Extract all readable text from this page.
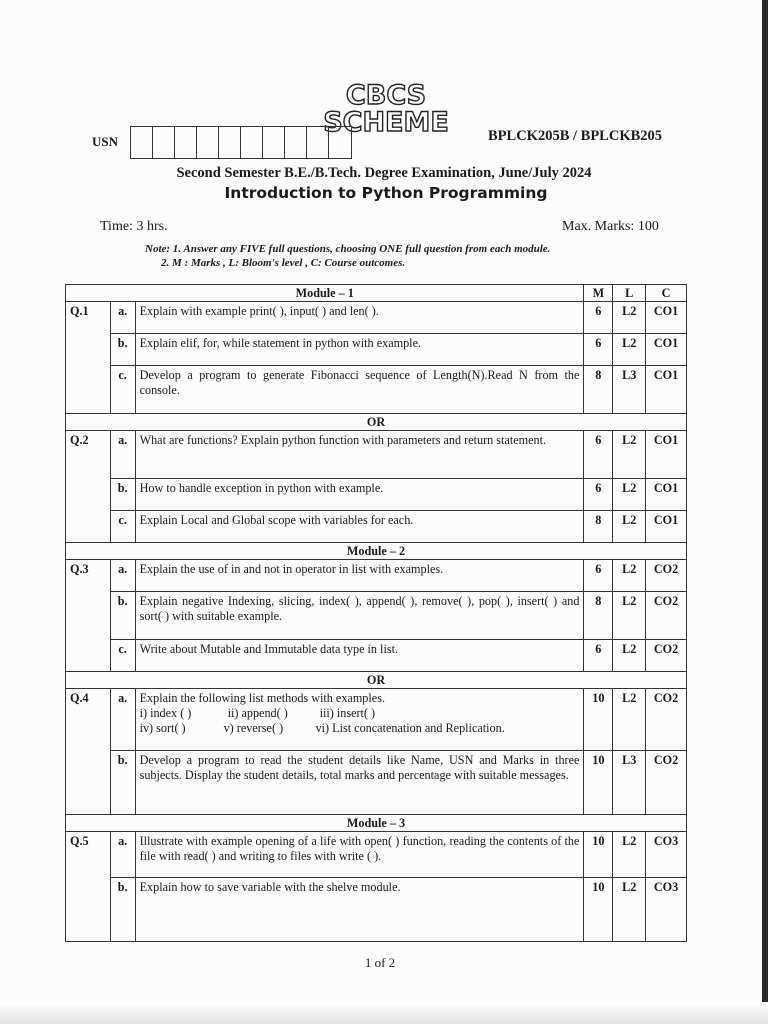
CBCS SCHEME
USN	BPLCK205B / BPLCKB205
Second Semester B.E./B.Tech. Degree Examination, June/July 2024
Introduction to Python Programming
Time: 3 hrs.	Max. Marks: 100
Note: 1. Answer any FIVE full questions, choosing ONE full question from each module.
2. M : Marks , L: Bloom's level , C: Course outcomes.
Module – 1			M	L	C
Q.1	a.	Explain with example print( ), input( ) and len( ).	6	L2	CO1
	b.	Explain elif, for, while statement in python with example.	6	L2	CO1
	c.	Develop a program to generate Fibonacci sequence of Length(N).Read N from the console.	8	L3	CO1
OR					
Q.2	a.	What are functions? Explain python function with parameters and return statement.	6	L2	CO1
	b.	How to handle exception in python with example.	6	L2	CO1
	c.	Explain Local and Global scope with variables for each.	8	L2	CO1
Module – 2					
Q.3	a.	Explain the use of in and not in operator in list with examples.	6	L2	CO2
	b.	Explain negative Indexing, slicing, index( ), append( ), remove( ), pop( ), insert( ) and sort( ) with suitable example.	8	L2	CO2
	c.	Write about Mutable and Immutable data type in list.	6	L2	CO2
OR					
Q.4	a.	Explain the following list methods with examples.
i) index ( ) ii) append( ) iii) insert( )
iv) sort( ) v) reverse( ) vi) List concatenation and Replication.	10	L2	CO2
	b.	Develop a program to read the student details like Name, USN and Marks in three subjects. Display the student details, total marks and percentage with suitable messages.	10	L3	CO2
Module – 3					
Q.5	a.	Illustrate with example opening of a life with open( ) function, reading the contents of the file with read( ) and writing to files with write ( ).	10	L2	CO3
	b.	Explain how to save variable with the shelve module.	10	L2	CO3
1 of 2
